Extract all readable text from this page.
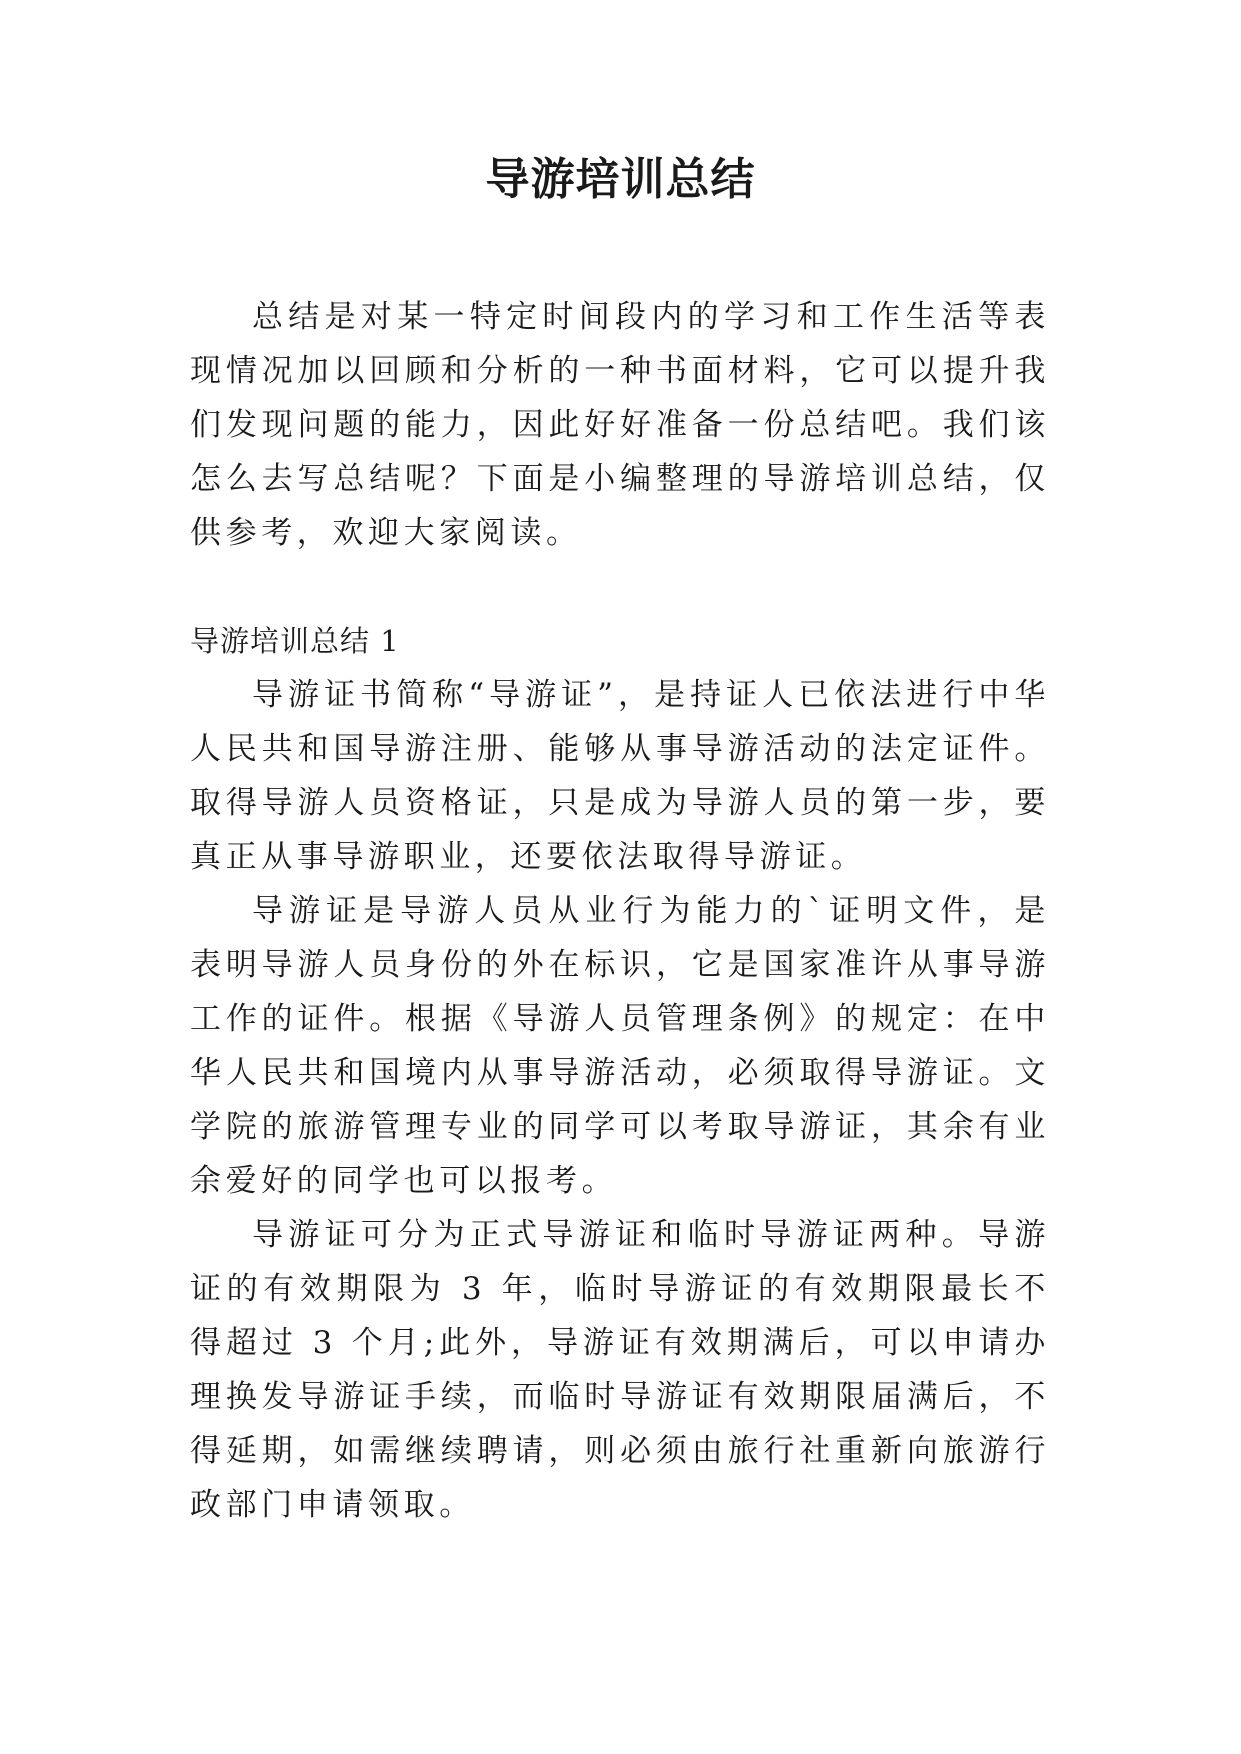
导游培训总结

总结是对某一特定时间段内的学习和工作生活等表现情况加以回顾和分析的一种书面材料，它可以提升我们发现问题的能力，因此好好准备一份总结吧。我们该怎么去写总结呢？下面是小编整理的导游培训总结，仅供参考，欢迎大家阅读。

导游培训总结 1

导游证书简称“导游证”，是持证人已依法进行中华人民共和国导游注册、能够从事导游活动的法定证件。取得导游人员资格证，只是成为导游人员的第一步，要真正从事导游职业，还要依法取得导游证。

导游证是导游人员从业行为能力的`证明文件，是表明导游人员身份的外在标识，它是国家准许从事导游工作的证件。根据《导游人员管理条例》的规定：在中华人民共和国境内从事导游活动，必须取得导游证。文学院的旅游管理专业的同学可以考取导游证，其余有业余爱好的同学也可以报考。

导游证可分为正式导游证和临时导游证两种。导游证的有效期限为 3 年，临时导游证的有效期限最长不得超过 3 个月;此外，导游证有效期满后，可以申请办理换发导游证手续，而临时导游证有效期限届满后，不得延期，如需继续聘请，则必须由旅行社重新向旅游行政部门申请领取。
